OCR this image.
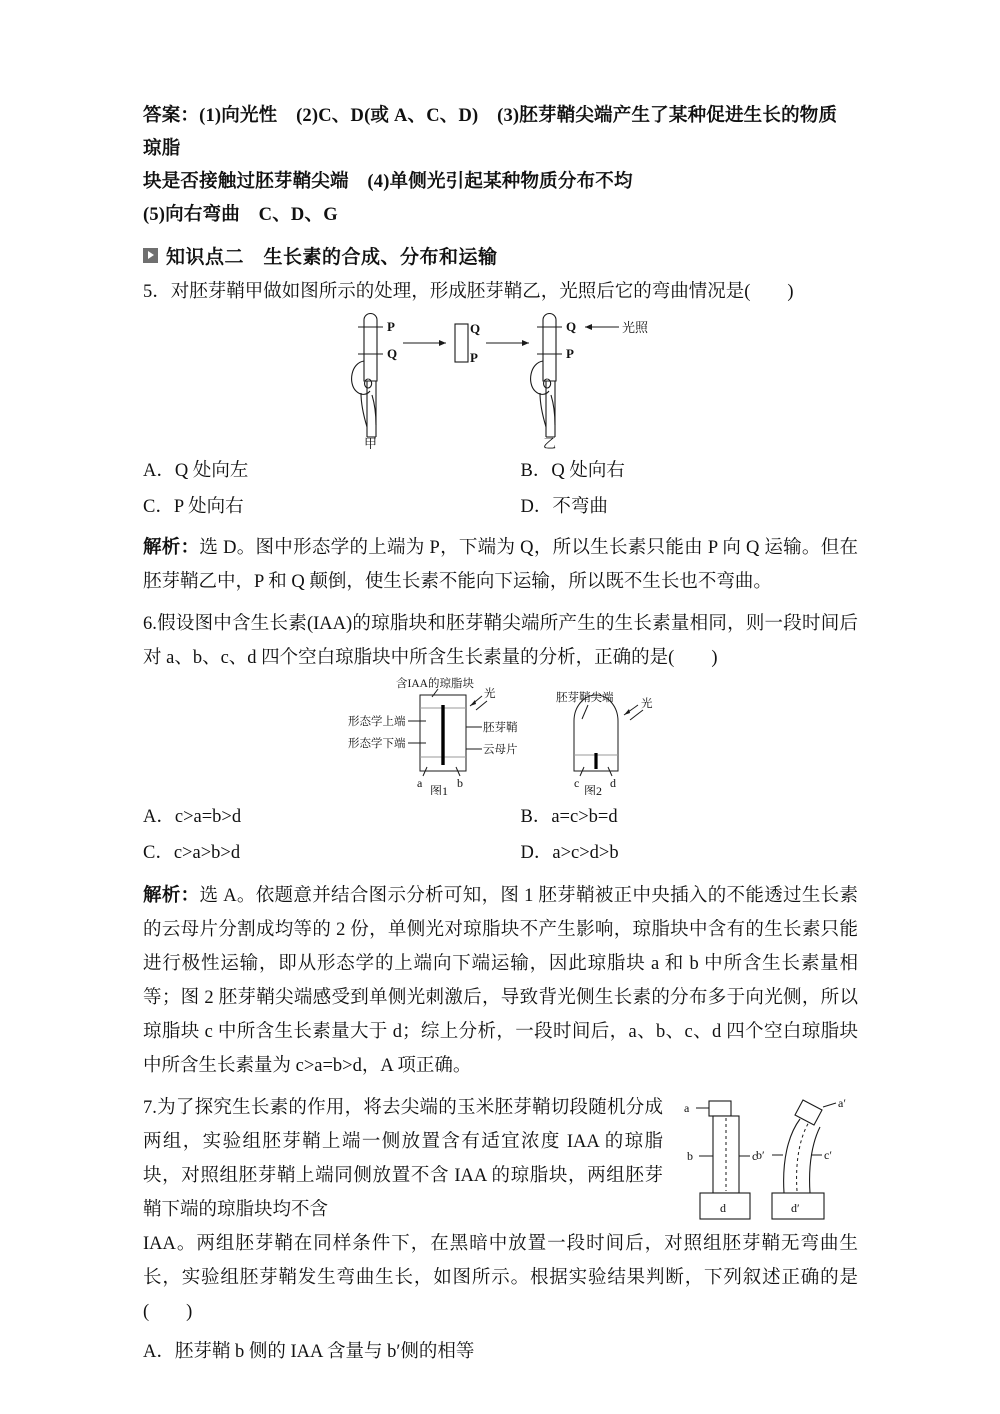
答案：(1)向光性　(2)C、D(或 A、C、D)　(3)胚芽鞘尖端产生了某种促进生长的物质　琼脂
块是否接触过胚芽鞘尖端　(4)单侧光引起某种物质分布不均
(5)向右弯曲　C、D、G
知识点二　生长素的合成、分布和运输
5．对胚芽鞘甲做如图所示的处理，形成胚芽鞘乙，光照后它的弯曲情况是(　　)
P
Q
甲
Q
P
Q
P
乙
光照
A．Q 处向左	B．Q 处向右
C．P 处向右	D．不弯曲
解析：选 D。图中形态学的上端为 P，下端为 Q，所以生长素只能由 P 向 Q 运输。但在胚芽鞘乙中，P 和 Q 颠倒，使生长素不能向下运输，所以既不生长也不弯曲。
6.假设图中含生长素(IAA)的琼脂块和胚芽鞘尖端所产生的生长素量相同，则一段时间后对 a、b、c、d 四个空白琼脂块中所含生长素量的分析，正确的是(　　)
形态学上端
形态学下端
胚芽鞘
云母片
含IAA的琼脂块
光
a	b
图1
胚芽鞘尖端 光
c	d
图2
A．c>a=b>d	B．a=c>b=d
C．c>a>b>d	D．a>c>d>b
解析：选 A。依题意并结合图示分析可知，图 1 胚芽鞘被正中央插入的不能透过生长素的云母片分割成均等的 2 份，单侧光对琼脂块不产生影响，琼脂块中含有的生长素只能进行极性运输，即从形态学的上端向下端运输，因此琼脂块 a 和 b 中所含生长素量相等；图 2 胚芽鞘尖端感受到单侧光刺激后，导致背光侧生长素的分布多于向光侧，所以琼脂块 c 中所含生长素量大于 d；综上分析，一段时间后，a、b、c、d 四个空白琼脂块中所含生长素量为 c>a=b>d，A 项正确。
a
b	c
d
a′
b′	c′
d′
7.为了探究生长素的作用，将去尖端的玉米胚芽鞘切段随机分成两组，实验组胚芽鞘上端一侧放置含有适宜浓度 IAA 的琼脂块，对照组胚芽鞘上端同侧放置不含 IAA 的琼脂块，两组胚芽鞘下端的琼脂块均不含
IAA。两组胚芽鞘在同样条件下，在黑暗中放置一段时间后，对照组胚芽鞘无弯曲生长，实验组胚芽鞘发生弯曲生长，如图所示。根据实验结果判断，下列叙述正确的是(　　)
A．胚芽鞘 b 侧的 IAA 含量与 b′侧的相等
